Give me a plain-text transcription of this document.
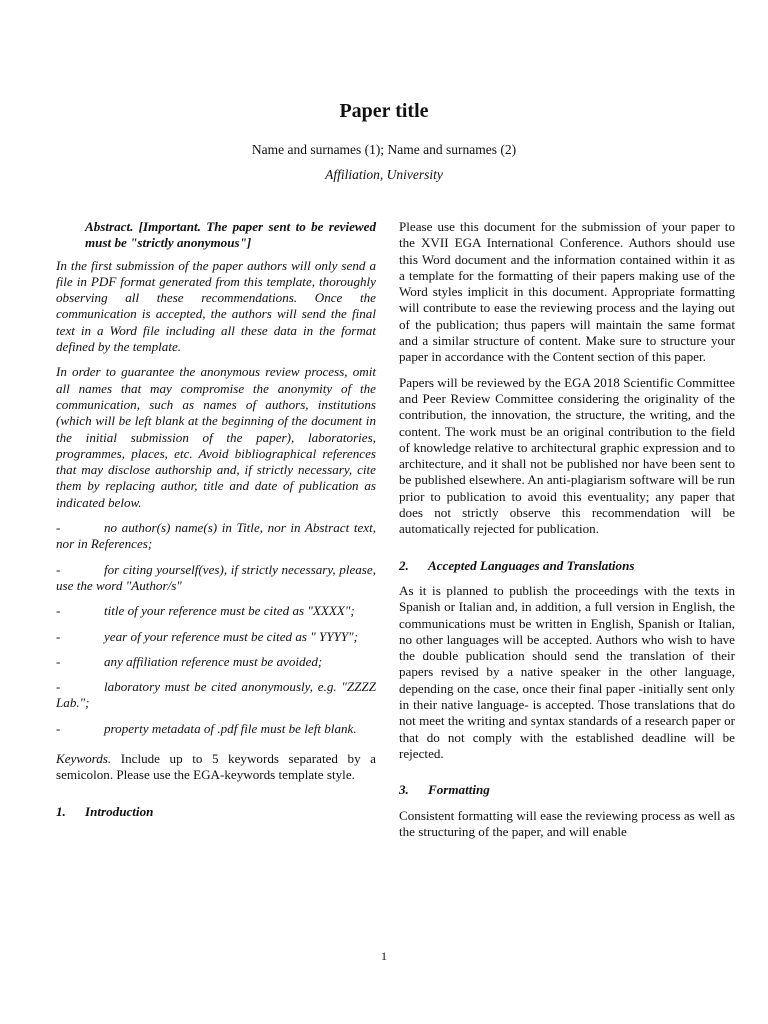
Paper title
Name and surnames (1); Name and surnames (2)
Affiliation, University

Abstract. [Important. The paper sent to be reviewed must be "strictly anonymous"]

In the first submission of the paper authors will only send a file in PDF format generated from this template, thoroughly observing all these recommendations. Once the communication is accepted, the authors will send the final text in a Word file including all these data in the format defined by the template.

In order to guarantee the anonymous review process, omit all names that may compromise the anonymity of the communication, such as names of authors, institutions (which will be left blank at the beginning of the document in the initial submission of the paper), laboratories, programmes, places, etc. Avoid bibliographical references that may disclose authorship and, if strictly necessary, cite them by replacing author, title and date of publication as indicated below.

-	no author(s) name(s) in Title, nor in Abstract text, nor in References;

-	for citing yourself(ves), if strictly necessary, please, use the word "Author/s"

-	title of your reference must be cited as "XXXX";

-	year of your reference must be cited as " YYYY";

-	any affiliation reference must be avoided;

-	laboratory must be cited anonymously, e.g. "ZZZZ Lab.";

-	property metadata of .pdf file must be left blank.

Keywords. Include up to 5 keywords separated by a semicolon. Please use the EGA-keywords template style.

1. Introduction

Please use this document for the submission of your paper to the XVII EGA International Conference. Authors should use this Word document and the information contained within it as a template for the formatting of their papers making use of the Word styles implicit in this document. Appropriate formatting will contribute to ease the reviewing process and the laying out of the publication; thus papers will maintain the same format and a similar structure of content. Make sure to structure your paper in accordance with the Content section of this paper.

Papers will be reviewed by the EGA 2018 Scientific Committee and Peer Review Committee considering the originality of the contribution, the innovation, the structure, the writing, and the content. The work must be an original contribution to the field of knowledge relative to architectural graphic expression and to architecture, and it shall not be published nor have been sent to be published elsewhere. An anti-plagiarism software will be run prior to publication to avoid this eventuality; any paper that does not strictly observe this recommendation will be automatically rejected for publication.

2. Accepted Languages and Translations

As it is planned to publish the proceedings with the texts in Spanish or Italian and, in addition, a full version in English, the communications must be written in English, Spanish or Italian, no other languages will be accepted. Authors who wish to have the double publication should send the translation of their papers revised by a native speaker in the other language, depending on the case, once their final paper -initially sent only in their native language- is accepted. Those translations that do not meet the writing and syntax standards of a research paper or that do not comply with the established deadline will be rejected.

3. Formatting

Consistent formatting will ease the reviewing process as well as the structuring of the paper, and will enable

1
